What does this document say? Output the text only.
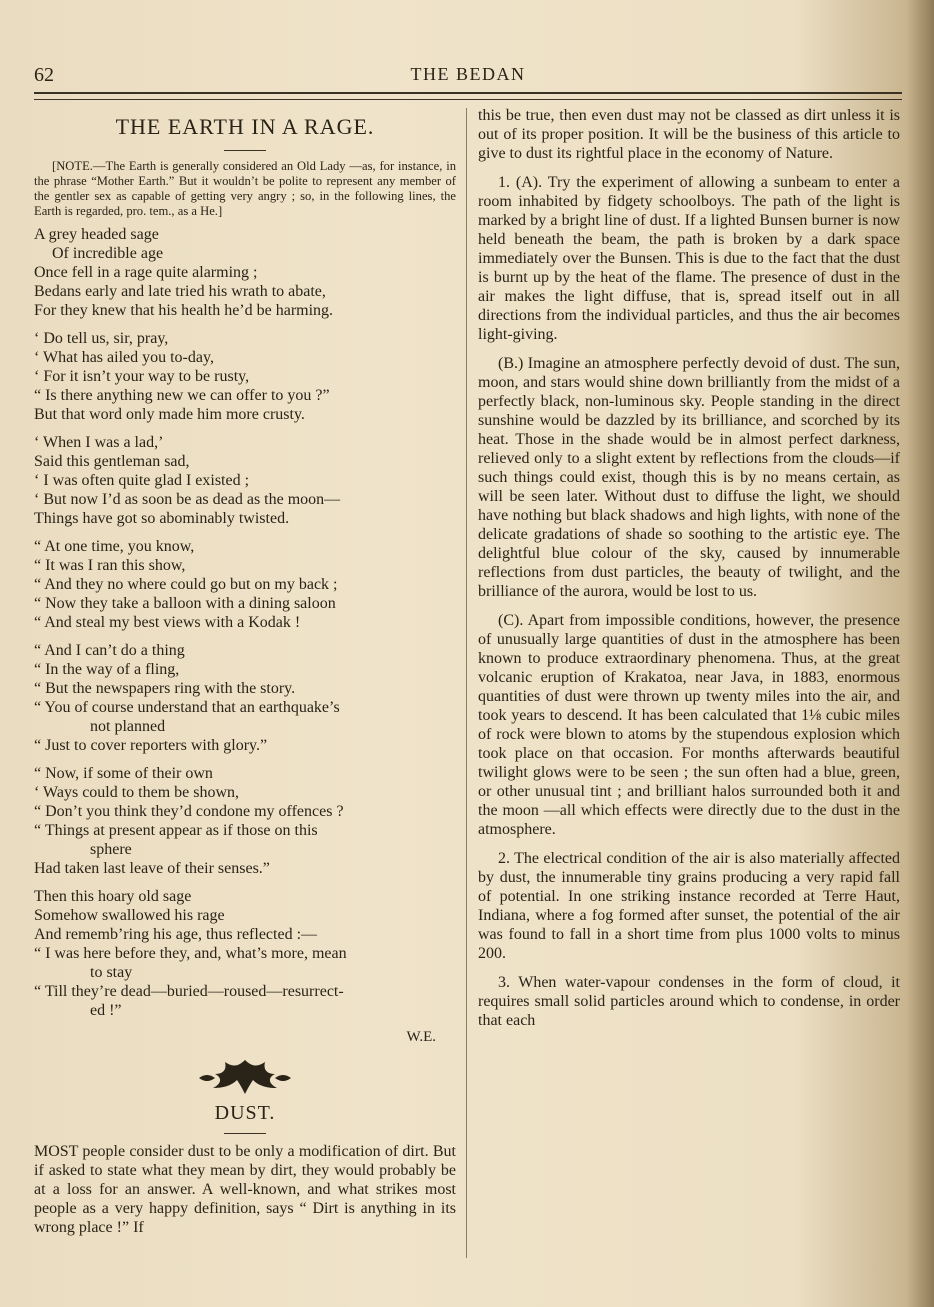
62	THE BEDAN
THE EARTH IN A RAGE.

[NOTE.—The Earth is generally considered an Old Lady —as, for instance, in the phrase “Mother Earth.” But it wouldn’t be polite to represent any member of the gentler sex as capable of getting very angry ; so, in the following lines, the Earth is regarded, pro. tem., as a He.]

A grey headed sage
Of incredible age
Once fell in a rage quite alarming ;
Bedans early and late tried his wrath to abate,
For they knew that his health he’d be harming.
‘ Do tell us, sir, pray,
‘ What has ailed you to-day,
‘ For it isn’t your way to be rusty,
“ Is there anything new we can offer to you ?”
But that word only made him more crusty.
‘ When I was a lad,’
Said this gentleman sad,
‘ I was often quite glad I existed ;
‘ But now I’d as soon be as dead as the moon—
Things have got so abominably twisted.
“ At one time, you know,
“ It was I ran this show,
“ And they no where could go but on my back ;
“ Now they take a balloon with a dining saloon
“ And steal my best views with a Kodak !
“ And I can’t do a thing
“ In the way of a fling,
“ But the newspapers ring with the story.
“ You of course understand that an earthquake’s
not planned
“ Just to cover reporters with glory.”
“ Now, if some of their own
‘ Ways could to them be shown,
“ Don’t you think they’d condone my offences ?
“ Things at present appear as if those on this
sphere
Had taken last leave of their senses.”
Then this hoary old sage
Somehow swallowed his rage
And rememb’ring his age, thus reflected :—
“ I was here before they, and, what’s more, mean
to stay
“ Till they’re dead—buried—roused—resurrect-
ed !”
W.E.
DUST.

MOST people consider dust to be only a modification of dirt. But if asked to state what they mean by dirt, they would probably be at a loss for an answer. A well-known, and what strikes most people as a very happy definition, says “ Dirt is anything in its wrong place !” If

this be true, then even dust may not be classed as dirt unless it is out of its proper position. It will be the business of this article to give to dust its rightful place in the economy of Nature.

1. (A). Try the experiment of allowing a sunbeam to enter a room inhabited by fidgety schoolboys. The path of the light is marked by a bright line of dust. If a lighted Bunsen burner is now held beneath the beam, the path is broken by a dark space immediately over the Bunsen. This is due to the fact that the dust is burnt up by the heat of the flame. The presence of dust in the air makes the light diffuse, that is, spread itself out in all directions from the individual particles, and thus the air becomes light-giving.

(B.) Imagine an atmosphere perfectly devoid of dust. The sun, moon, and stars would shine down brilliantly from the midst of a perfectly black, non-luminous sky. People standing in the direct sunshine would be dazzled by its brilliance, and scorched by its heat. Those in the shade would be in almost perfect darkness, relieved only to a slight extent by reflections from the clouds—if such things could exist, though this is by no means certain, as will be seen later. Without dust to diffuse the light, we should have nothing but black shadows and high lights, with none of the delicate gradations of shade so soothing to the artistic eye. The delightful blue colour of the sky, caused by innumerable reflections from dust particles, the beauty of twilight, and the brilliance of the aurora, would be lost to us.

(C). Apart from impossible conditions, however, the presence of unusually large quantities of dust in the atmosphere has been known to produce extraordinary phenomena. Thus, at the great volcanic eruption of Krakatoa, near Java, in 1883, enormous quantities of dust were thrown up twenty miles into the air, and took years to descend. It has been calculated that 1⅛ cubic miles of rock were blown to atoms by the stupendous explosion which took place on that occasion. For months afterwards beautiful twilight glows were to be seen ; the sun often had a blue, green, or other unusual tint ; and brilliant halos surrounded both it and the moon —all which effects were directly due to the dust in the atmosphere.

2. The electrical condition of the air is also materially affected by dust, the innumerable tiny grains producing a very rapid fall of potential. In one striking instance recorded at Terre Haut, Indiana, where a fog formed after sunset, the potential of the air was found to fall in a short time from plus 1000 volts to minus 200.

3. When water-vapour condenses in the form of cloud, it requires small solid particles around which to condense, in order that each
